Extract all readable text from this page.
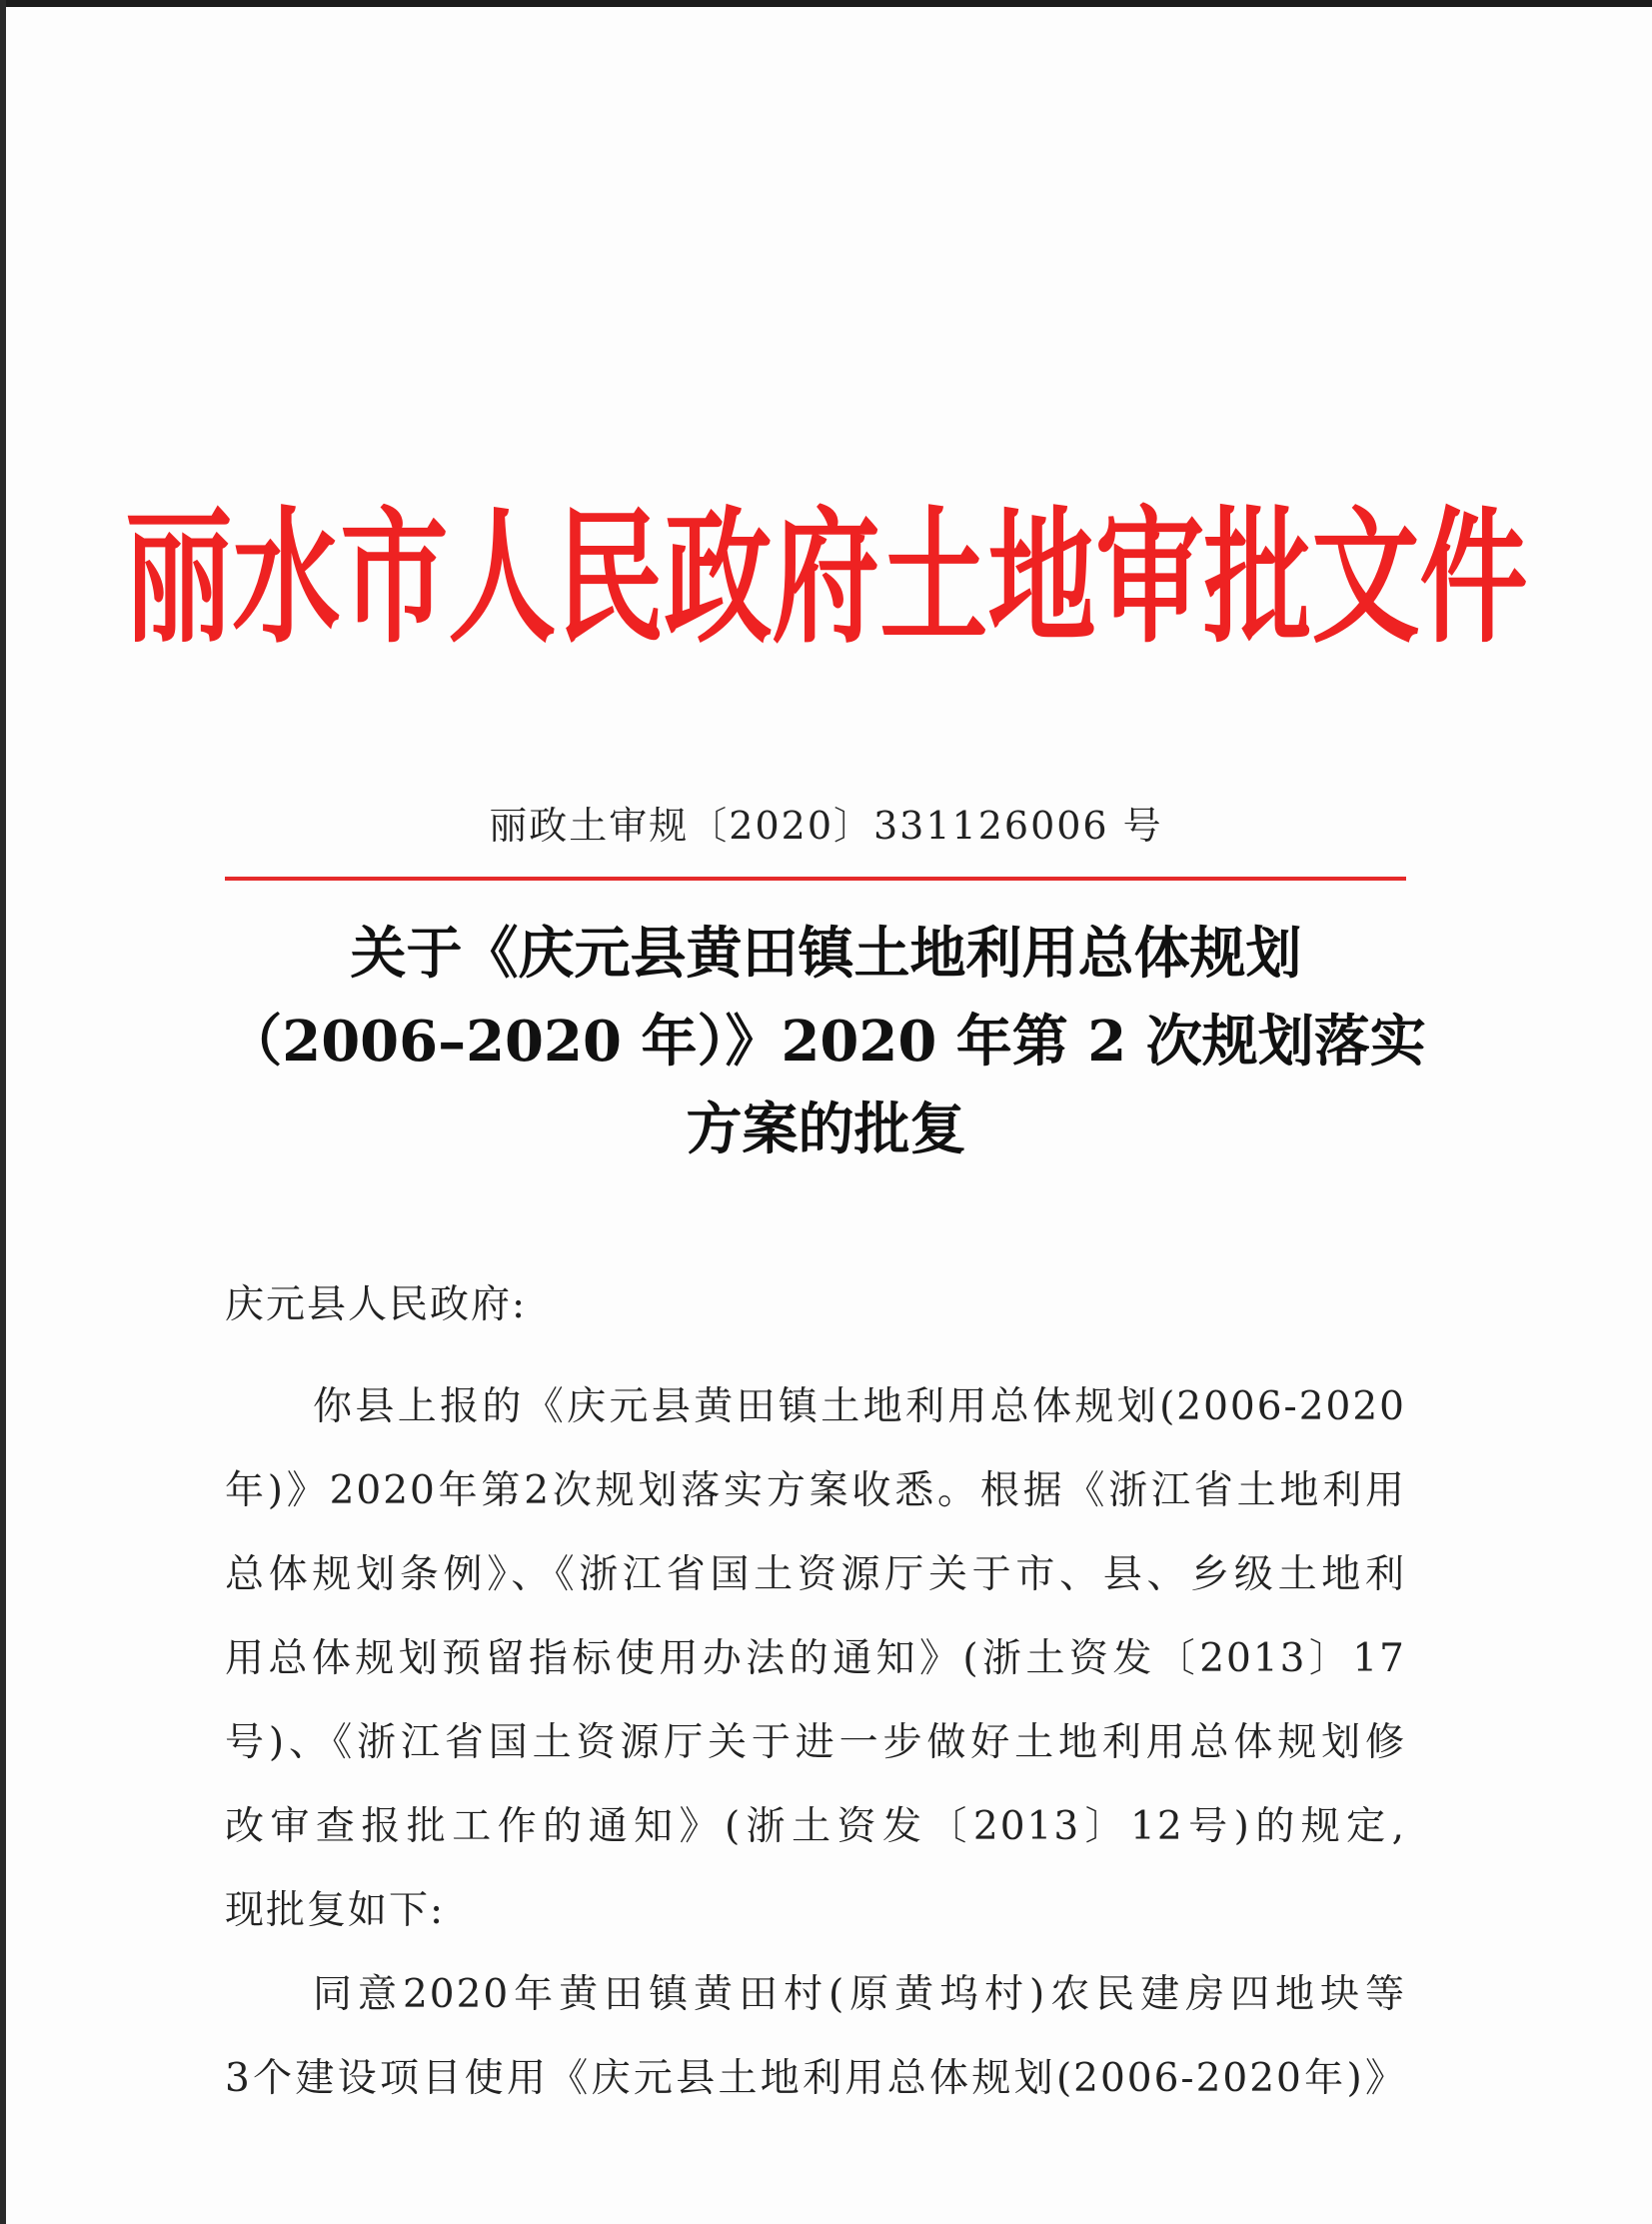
丽水市人民政府土地审批文件
丽政土审规〔2020〕331126006 号
关于《庆元县黄田镇土地利用总体规划
（2006–2020 年）》2020 年第 2 次规划落实
方案的批复
庆元县人民政府:
你县上报的《庆元县黄田镇土地利用总体规划(2006-2020
年)》2020年第2次规划落实方案收悉。根据《浙江省土地利用
总体规划条例》、《浙江省国土资源厅关于市、县、乡级土地利
用总体规划预留指标使用办法的通知》(浙土资发〔2013〕17
号)、《浙江省国土资源厅关于进一步做好土地利用总体规划修
改审查报批工作的通知》(浙土资发〔2013〕12号)的规定,
现批复如下:
同意2020年黄田镇黄田村(原黄坞村)农民建房四地块等
3个建设项目使用《庆元县土地利用总体规划(2006-2020年)》
